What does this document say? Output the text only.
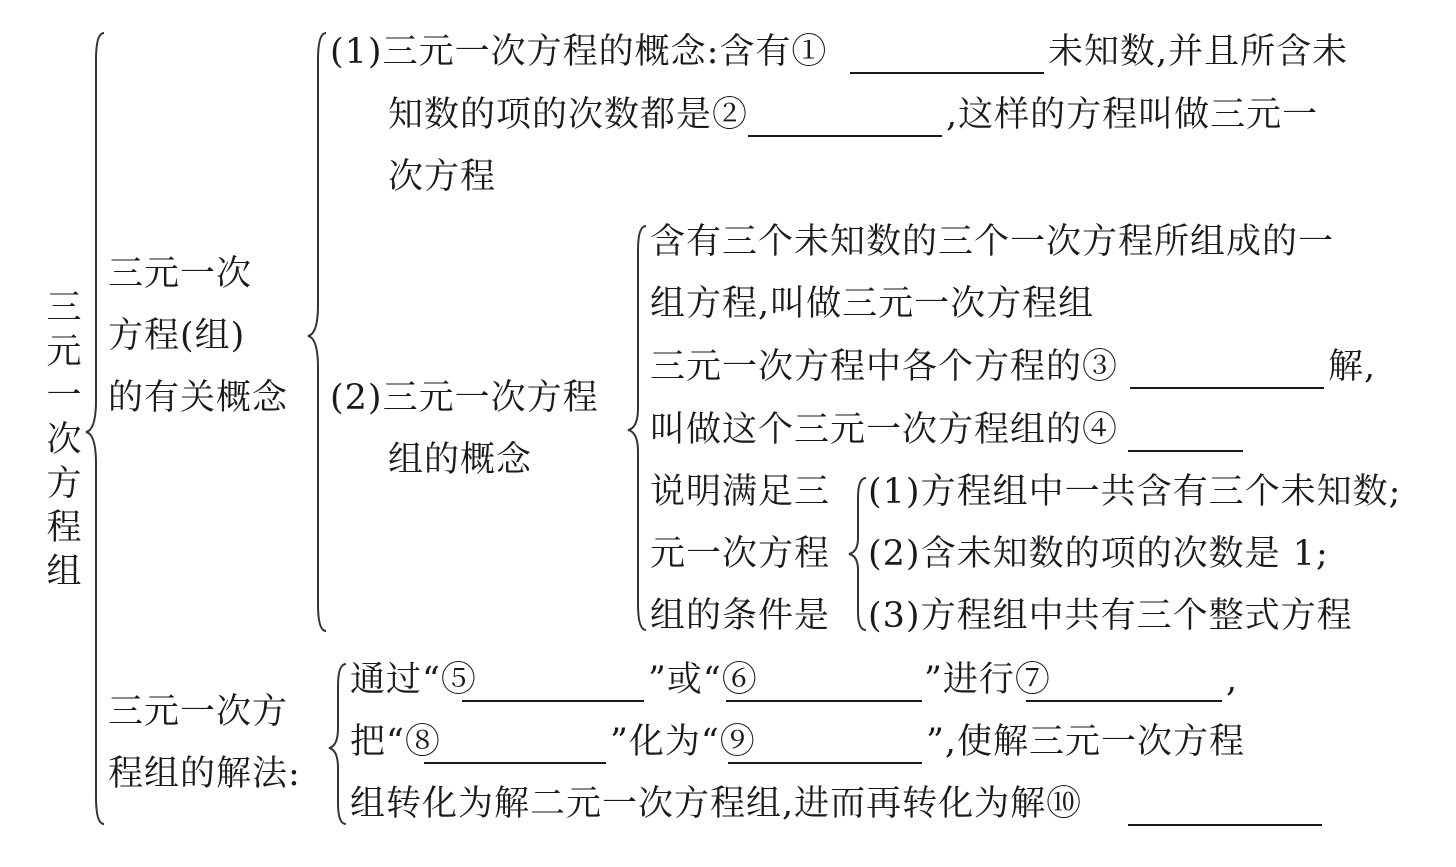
三
元
一
次
方
程
组
三元一次
方程(组)
的有关概念
(1)三元一次方程的概念:含有①	未知数,并且所含未
知数的项的次数都是②	,这样的方程叫做三元一
次方程
(2)三元一次方程
组的概念
含有三个未知数的三个一次方程所组成的一
组方程,叫做三元一次方程组
三元一次方程中各个方程的③	解,
叫做这个三元一次方程组的④
说明满足三
元一次方程
组的条件是
(1)方程组中一共含有三个未知数;
(2)含未知数的项的次数是 1;
(3)方程组中共有三个整式方程
三元一次方
程组的解法:
通过“⑤	”或“⑥	”进行⑦	,
把“⑧	”化为“⑨	”,使解三元一次方程
组转化为解二元一次方程组,进而再转化为解⑩
